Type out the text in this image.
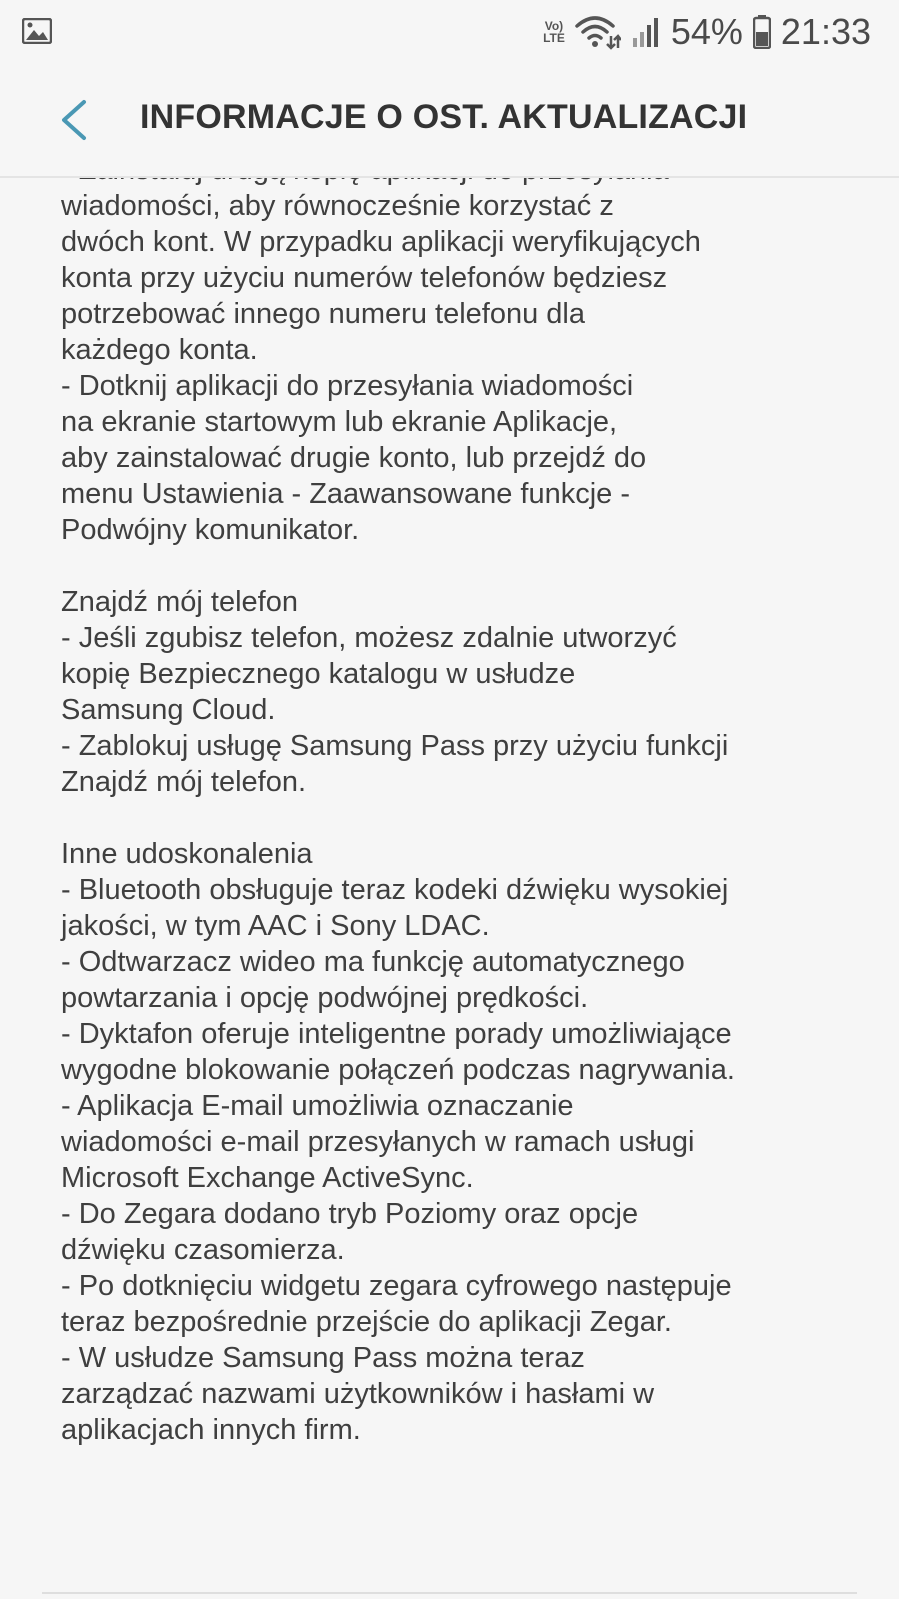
Vo)
LTE	54% 21:33
wiadomości, aby równocześnie korzystać z
dwóch kont. W przypadku aplikacji weryfikujących
konta przy użyciu numerów telefonów będziesz
potrzebować innego numeru telefonu dla
każdego konta.
- Dotknij aplikacji do przesyłania wiadomości
na ekranie startowym lub ekranie Aplikacje,
aby zainstalować drugie konto, lub przejdź do
menu Ustawienia - Zaawansowane funkcje -
Podwójny komunikator.
Znajdź mój telefon
- Jeśli zgubisz telefon, możesz zdalnie utworzyć
kopię Bezpiecznego katalogu w usłudze
Samsung Cloud.
- Zablokuj usługę Samsung Pass przy użyciu funkcji
Znajdź mój telefon.
Inne udoskonalenia
- Bluetooth obsługuje teraz kodeki dźwięku wysokiej
jakości, w tym AAC i Sony LDAC.
- Odtwarzacz wideo ma funkcję automatycznego
powtarzania i opcję podwójnej prędkości.
- Dyktafon oferuje inteligentne porady umożliwiające
wygodne blokowanie połączeń podczas nagrywania.
- Aplikacja E-mail umożliwia oznaczanie
wiadomości e-mail przesyłanych w ramach usługi
Microsoft Exchange ActiveSync.
- Do Zegara dodano tryb Poziomy oraz opcje
dźwięku czasomierza.
- Po dotknięciu widgetu zegara cyfrowego następuje
teraz bezpośrednie przejście do aplikacji Zegar.
- W usłudze Samsung Pass można teraz
zarządzać nazwami użytkowników i hasłami w
aplikacjach innych firm.
INFORMACJE O OST. AKTUALIZACJI
